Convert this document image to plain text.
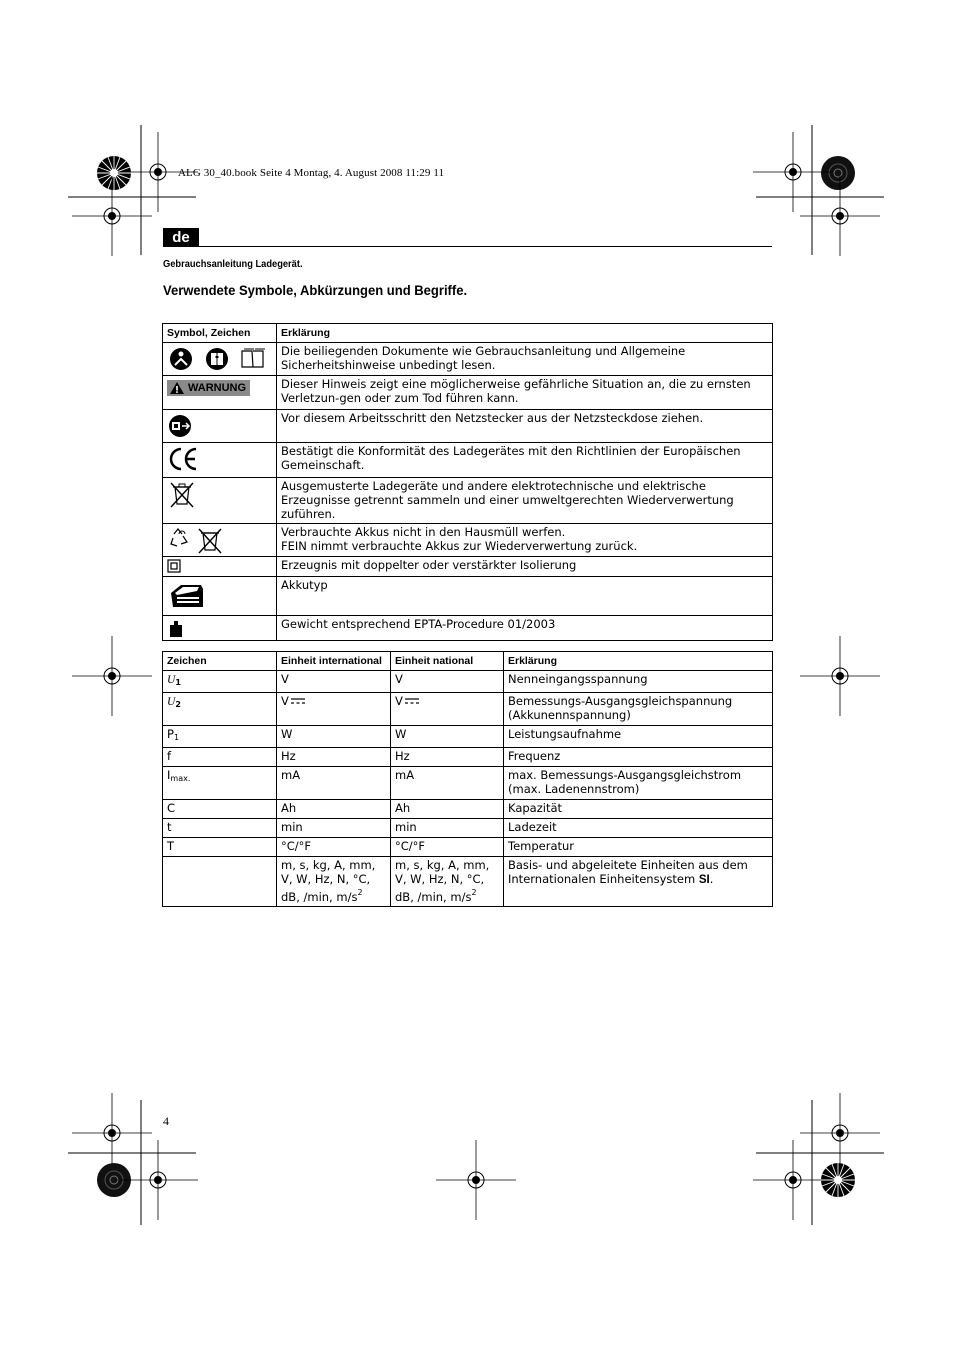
ALG 30_40.book Seite 4 Montag, 4. August 2008 11:29 11
de
Gebrauchsanleitung Ladegerät.
Verwendete Symbole, Abkürzungen und Begriffe.
Symbol, Zeichen	Erklärung

	Die beiliegenden Dokumente wie Gebrauchsanleitung und Allgemeine Sicherheitshinweise unbedingt lesen.

WARNUNG	Dieser Hinweis zeigt eine möglicherweise gefährliche Situation an, die zu ernsten Verletzun-gen oder zum Tod führen kann.

	Vor diesem Arbeitsschritt den Netzstecker aus der Netzsteckdose ziehen.

	Bestätigt die Konformität des Ladegerätes mit den Richtlinien der Europäischen Gemeinschaft.

	Ausgemusterte Ladegeräte und andere elektrotechnische und elektrische Erzeugnisse getrennt sammeln und einer umweltgerechten Wiederverwertung zuführen.

	Verbrauchte Akkus nicht in den Hausmüll werfen.
FEIN nimmt verbrauchte Akkus zur Wiederverwertung zurück.

	Erzeugnis mit doppelter oder verstärkter Isolierung

	Akkutyp

	Gewicht entsprechend EPTA-Procedure 01/2003
Zeichen	Einheit international	Einheit national	Erklärung
U1	V	V	Nenneingangsspannung
U2	V	V	Bemessungs-Ausgangsgleichspannung
(Akkunennspannung)
$P_1$	W	W	Leistungsaufnahme
f	Hz	Hz	Frequenz
$I_{max.}$	mA	mA	max. Bemessungs-Ausgangsgleichstrom
(max. Ladenennstrom)
C	Ah	Ah	Kapazität
t	min	min	Ladezeit
T	°C/°F	°C/°F	Temperatur
	m, s, kg, A, mm, V, W, Hz, N, °C, dB, /min, $m/s^2$	m, s, kg, A, mm, V, W, Hz, N, °C, dB, /min, $m/s^2$	Basis- und abgeleitete Einheiten aus dem Internationalen Einheitensystem SI.
4
